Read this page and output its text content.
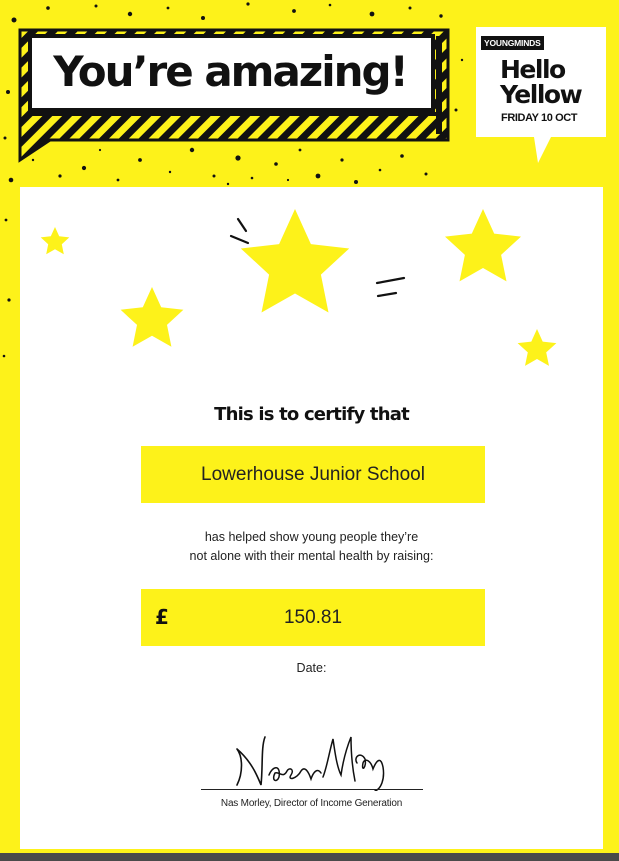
You’re amazing!
YOUNGMINDS
Hello
Yellow
FRIDAY 10 OCT
This is to certify that
Lowerhouse Junior School
has helped show young people they’re
not alone with their mental health by raising:
150.81
£
Date:
Nas Morley, Director of Income Generation
